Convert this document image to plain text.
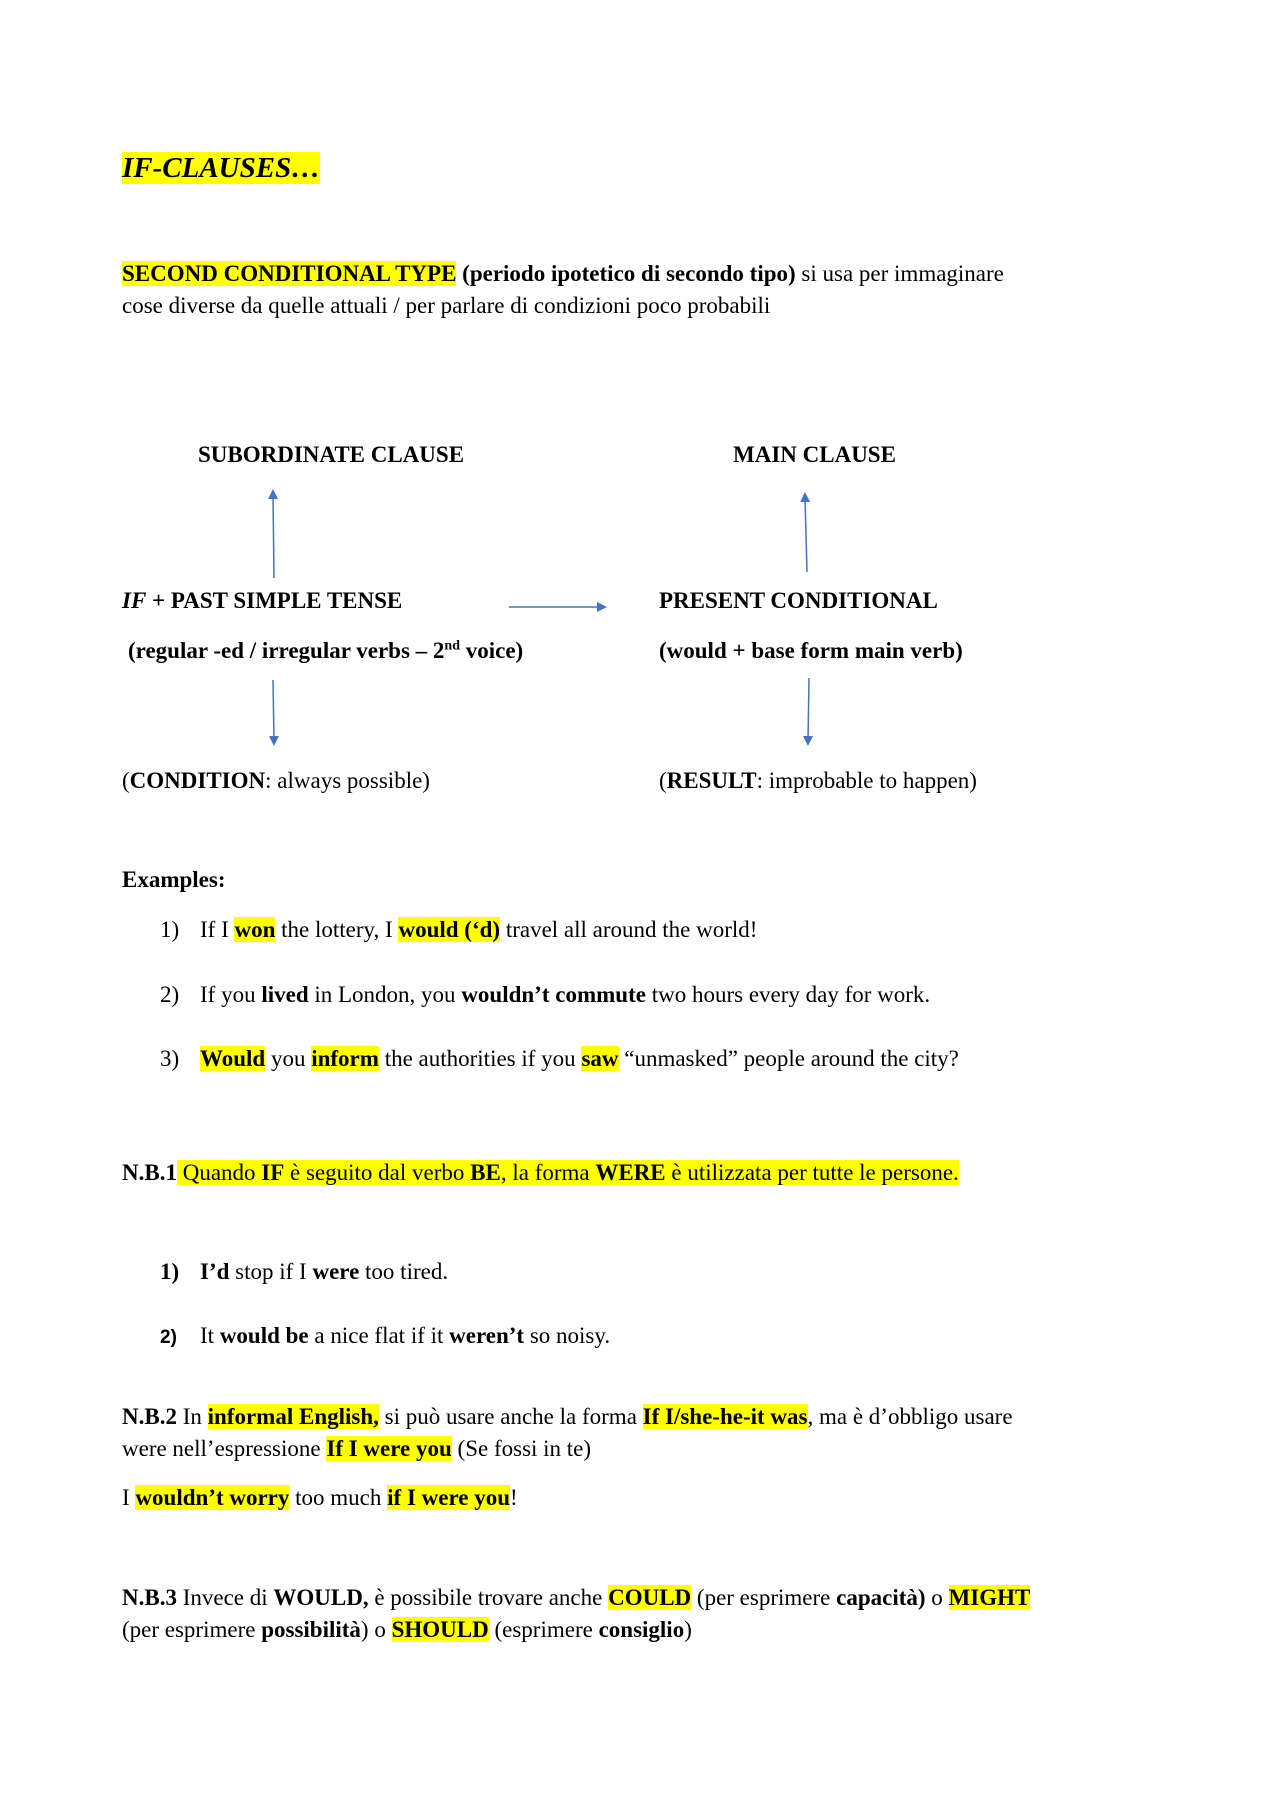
IF-CLAUSES…
SECOND CONDITIONAL TYPE (periodo ipotetico di secondo tipo) si usa per immaginare
cose diverse da quelle attuali / per parlare di condizioni poco probabili
SUBORDINATE CLAUSE	MAIN CLAUSE
IF + PAST SIMPLE TENSE	PRESENT CONDITIONAL
(regular -ed / irregular verbs – 2nd voice)	(would + base form main verb)
(CONDITION: always possible)	(RESULT: improbable to happen)
Examples:
1) If I won the lottery, I would (‘d) travel all around the world!
2) If you lived in London, you wouldn’t commute two hours every day for work.
3) Would you inform the authorities if you saw “unmasked” people around the city?
N.B.1 Quando IF è seguito dal verbo BE, la forma WERE è utilizzata per tutte le persone.
1) I’d stop if I were too tired.
2) It would be a nice flat if it weren’t so noisy.
N.B.2 In informal English, si può usare anche la forma If I/she-he-it was, ma è d’obbligo usare
were nell’espressione If I were you (Se fossi in te)
I wouldn’t worry too much if I were you!
N.B.3 Invece di WOULD, è possibile trovare anche COULD (per esprimere capacità) o MIGHT
(per esprimere possibilità) o SHOULD (esprimere consiglio)
